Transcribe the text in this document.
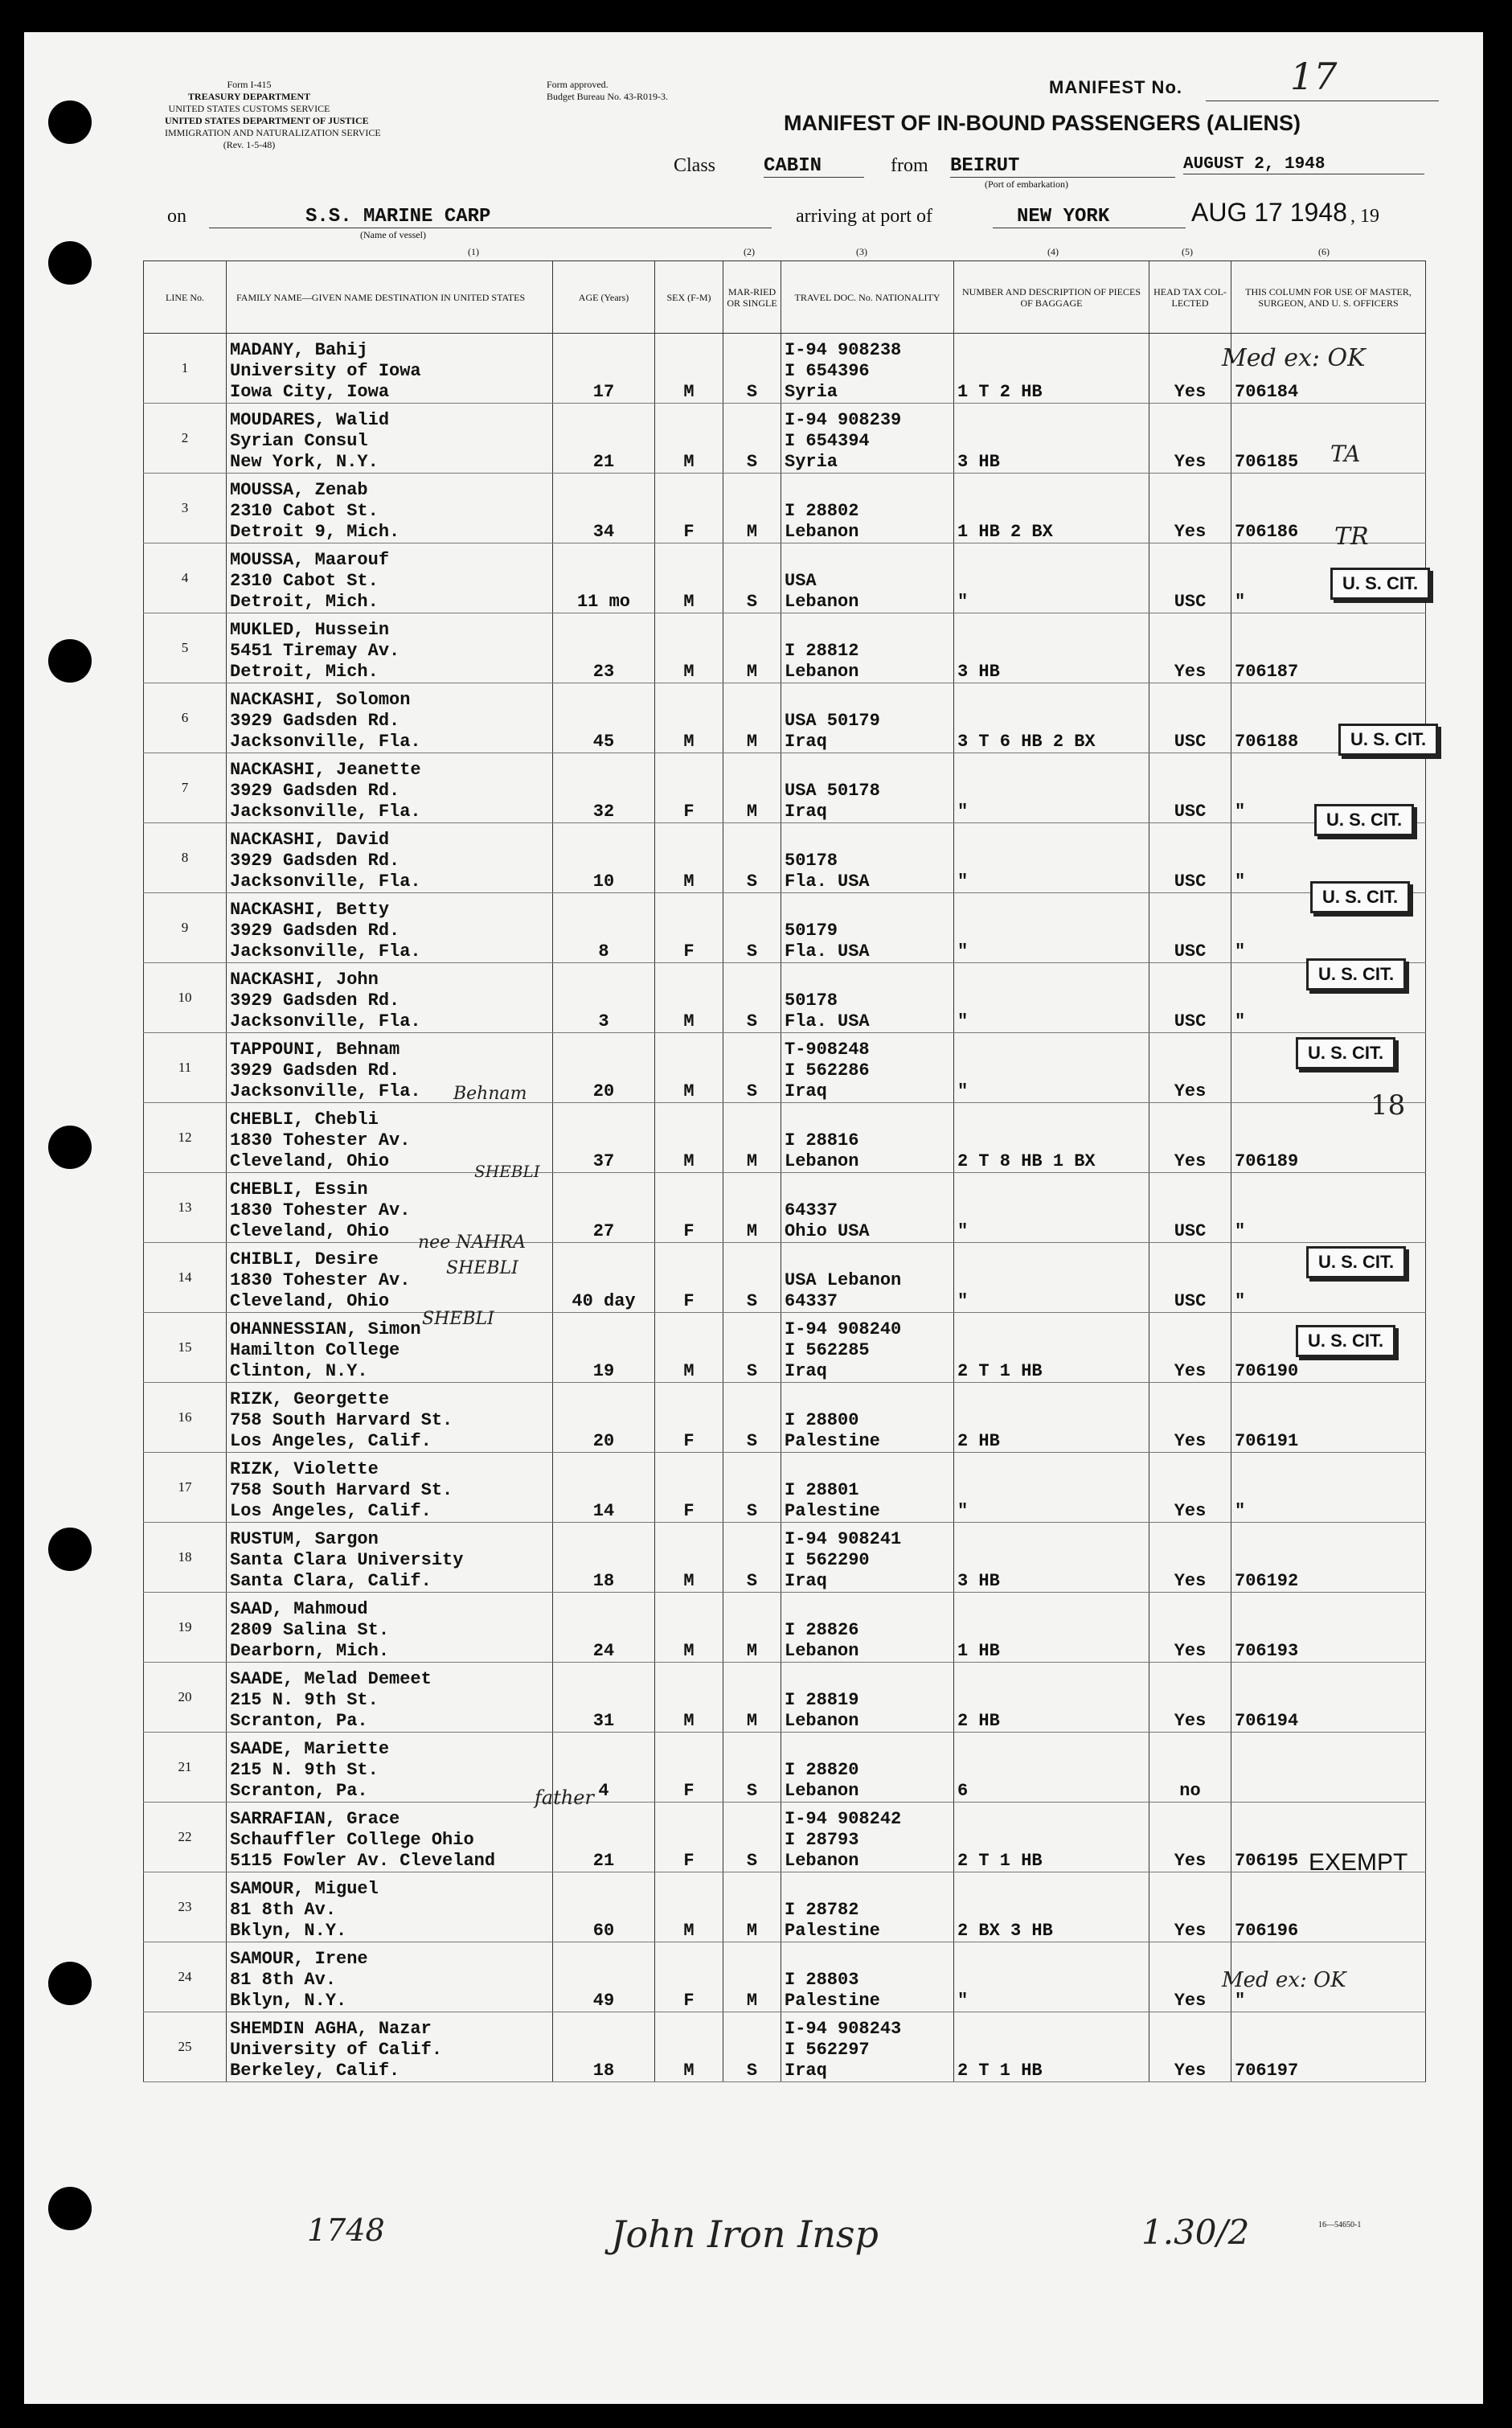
Form I-415
TREASURY DEPARTMENT
UNITED STATES CUSTOMS SERVICE
UNITED STATES DEPARTMENT OF JUSTICE
IMMIGRATION AND NATURALIZATION SERVICE
(Rev. 1-5-48)
Form approved.
Budget Bureau No. 43-R019-3.	MANIFEST No.	17
MANIFEST OF IN-BOUND PASSENGERS (ALIENS)
Class CABIN	from BEIRUT
(Port of embarkation)
AUGUST 2, 1948
on	S.S. MARINE CARP
(Name of vessel)
arriving at port of	NEW YORK	AUG 17 1948 , 19
(1)	(2)	(3)	(4)	(5)	(6)
LINE No.	FAMILY NAME—GIVEN NAME DESTINATION IN UNITED STATES	AGE (Years)	SEX (F-M)	MAR-RIED OR SINGLE	TRAVEL DOC. No. NATIONALITY	NUMBER AND DESCRIPTION OF PIECES OF BAGGAGE	HEAD TAX COL-LECTED	THIS COLUMN FOR USE OF MASTER, SURGEON, AND U. S. OFFICERS
1	MADANY, Bahij
University of Iowa
Iowa City, Iowa	17	M	S	I-94 908238
I 654396
Syria	1 T 2 HB	Yes	706184
2	MOUDARES, Walid
Syrian Consul
New York, N.Y.	21	M	S	I-94 908239
I 654394
Syria	3 HB	Yes	706185
3	MOUSSA, Zenab
2310 Cabot St.
Detroit 9, Mich.	34	F	M	I 28802
Lebanon	1 HB 2 BX	Yes	706186
4	MOUSSA, Maarouf
2310 Cabot St.
Detroit, Mich.	11 mo	M	S	USA
Lebanon	"	USC	"
5	MUKLED, Hussein
5451 Tiremay Av.
Detroit, Mich.	23	M	M	I 28812
Lebanon	3 HB	Yes	706187
6	NACKASHI, Solomon
3929 Gadsden Rd.
Jacksonville, Fla.	45	M	M	USA 50179
Iraq	3 T 6 HB 2 BX	USC	706188
7	NACKASHI, Jeanette
3929 Gadsden Rd.
Jacksonville, Fla.	32	F	M	USA 50178
Iraq	"	USC	"
8	NACKASHI, David
3929 Gadsden Rd.
Jacksonville, Fla.	10	M	S	50178
Fla. USA	"	USC	"
9	NACKASHI, Betty
3929 Gadsden Rd.
Jacksonville, Fla.	8	F	S	50179
Fla. USA	"	USC	"
10	NACKASHI, John
3929 Gadsden Rd.
Jacksonville, Fla.	3	M	S	50178
Fla. USA	"	USC	"
11	TAPPOUNI, Behnam
3929 Gadsden Rd.
Jacksonville, Fla.	20	M	S	T-908248
I 562286
Iraq	"	Yes	
12	CHEBLI, Chebli
1830 Tohester Av.
Cleveland, Ohio	37	M	M	I 28816
Lebanon	2 T 8 HB 1 BX	Yes	706189
13	CHEBLI, Essin
1830 Tohester Av.
Cleveland, Ohio	27	F	M	64337
Ohio USA	"	USC	"
14	CHIBLI, Desire
1830 Tohester Av.
Cleveland, Ohio	40 day	F	S	USA Lebanon
64337	"	USC	"
15	OHANNESSIAN, Simon
Hamilton College
Clinton, N.Y.	19	M	S	I-94 908240
I 562285
Iraq	2 T 1 HB	Yes	706190
16	RIZK, Georgette
758 South Harvard St.
Los Angeles, Calif.	20	F	S	I 28800
Palestine	2 HB	Yes	706191
17	RIZK, Violette
758 South Harvard St.
Los Angeles, Calif.	14	F	S	I 28801
Palestine	"	Yes	"
18	RUSTUM, Sargon
Santa Clara University
Santa Clara, Calif.	18	M	S	I-94 908241
I 562290
Iraq	3 HB	Yes	706192
19	SAAD, Mahmoud
2809 Salina St.
Dearborn, Mich.	24	M	M	I 28826
Lebanon	1 HB	Yes	706193
20	SAADE, Melad Demeet
215 N. 9th St.
Scranton, Pa.	31	M	M	I 28819
Lebanon	2 HB	Yes	706194
21	SAADE, Mariette
215 N. 9th St.
Scranton, Pa.	4	F	S	I 28820
Lebanon	6	no	
22	SARRAFIAN, Grace
Schauffler College Ohio
5115 Fowler Av. Cleveland	21	F	S	I-94 908242
I 28793
Lebanon	2 T 1 HB	Yes	706195
23	SAMOUR, Miguel
81 8th Av.
Bklyn, N.Y.	60	M	M	I 28782
Palestine	2 BX 3 HB	Yes	706196
24	SAMOUR, Irene
81 8th Av.
Bklyn, N.Y.	49	F	M	I 28803
Palestine	"	Yes	"
25	SHEMDIN AGHA, Nazar
University of Calif.
Berkeley, Calif.	18	M	S	I-94 908243
I 562297
Iraq	2 T 1 HB	Yes	706197
U. S. CIT.
U. S. CIT.
U. S. CIT.
U. S. CIT.
U. S. CIT.
U. S. CIT.
U. S. CIT.
U. S. CIT.
EXEMPT
Med ex: OK
TA
TR
18
SHEBLI
nee NAHRA
SHEBLI
SHEBLI
Behnam
father
Med ex: OK
1748	John Iron Insp	1.30/2	16—54650-1
